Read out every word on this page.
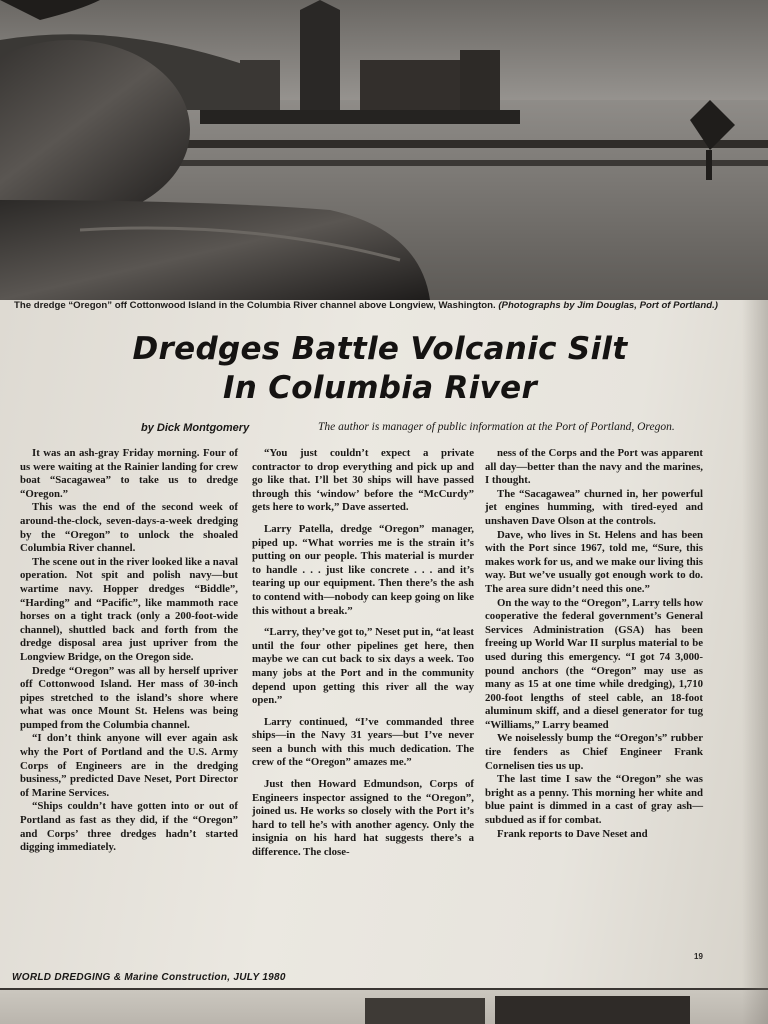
The dredge “Oregon” off Cottonwood Island in the Columbia River channel above Longview, Washington. (Photographs by Jim Douglas, Port of Portland.)
Dredges Battle Volcanic Silt
In Columbia River
by Dick Montgomery	The author is manager of public information at the Port of Portland, Oregon.

It was an ash-gray Friday morning. Four of us were waiting at the Rainier landing for crew boat “Sacagawea” to take us to dredge “Oregon.”

This was the end of the second week of around-the-clock, seven-days-a-week dredging by the “Oregon” to unlock the shoaled Columbia River channel.

The scene out in the river looked like a naval operation. Not spit and polish navy—but wartime navy. Hopper dredges “Biddle”, “Harding” and “Pacific”, like mammoth race horses on a tight track (only a 200-foot-wide channel), shuttled back and forth from the dredge disposal area just upriver from the Longview Bridge, on the Oregon side.

Dredge “Oregon” was all by herself upriver off Cottonwood Island. Her mass of 30-inch pipes stretched to the island’s shore where what was once Mount St. Helens was being pumped from the Columbia channel.

“I don’t think anyone will ever again ask why the Port of Portland and the U.S. Army Corps of Engineers are in the dredging business,” predicted Dave Neset, Port Director of Marine Services.

“Ships couldn’t have gotten into or out of Portland as fast as they did, if the “Oregon” and Corps’ three dredges hadn’t started digging immediately.

“You just couldn’t expect a private contractor to drop everything and pick up and go like that. I’ll bet 30 ships will have passed through this ‘window’ before the “McCurdy” gets here to work,” Dave asserted.

Larry Patella, dredge “Oregon” manager, piped up. “What worries me is the strain it’s putting on our people. This material is murder to handle . . . just like concrete . . . and it’s tearing up our equipment. Then there’s the ash to contend with—nobody can keep going on like this without a break.”

“Larry, they’ve got to,” Neset put in, “at least until the four other pipelines get here, then maybe we can cut back to six days a week. Too many jobs at the Port and in the community depend upon getting this river all the way open.”

Larry continued, “I’ve commanded three ships—in the Navy 31 years—but I’ve never seen a bunch with this much dedication. The crew of the “Oregon” amazes me.”

Just then Howard Edmundson, Corps of Engineers inspector assigned to the “Oregon”, joined us. He works so closely with the Port it’s hard to tell he’s with another agency. Only the insignia on his hard hat suggests there’s a difference. The close-

ness of the Corps and the Port was apparent all day—better than the navy and the marines, I thought.

The “Sacagawea” churned in, her powerful jet engines humming, with tired-eyed and unshaven Dave Olson at the controls.

Dave, who lives in St. Helens and has been with the Port since 1967, told me, “Sure, this makes work for us, and we make our living this way. But we’ve usually got enough work to do. The area sure didn’t need this one.”

On the way to the “Oregon”, Larry tells how cooperative the federal government’s General Services Administration (GSA) has been freeing up World War II surplus material to be used during this emergency. “I got 74 3,000-pound anchors (the “Oregon” may use as many as 15 at one time while dredging), 1,710 200-foot lengths of steel cable, an 18-foot aluminum skiff, and a diesel generator for tug “Williams,” Larry beamed

We noiselessly bump the “Oregon’s” rubber tire fenders as Chief Engineer Frank Cornelisen ties us up.

The last time I saw the “Oregon” she was bright as a penny. This morning her white and blue paint is dimmed in a cast of gray ash—subdued as if for combat.

Frank reports to Dave Neset and

19
WORLD DREDGING & Marine Construction, JULY 1980
